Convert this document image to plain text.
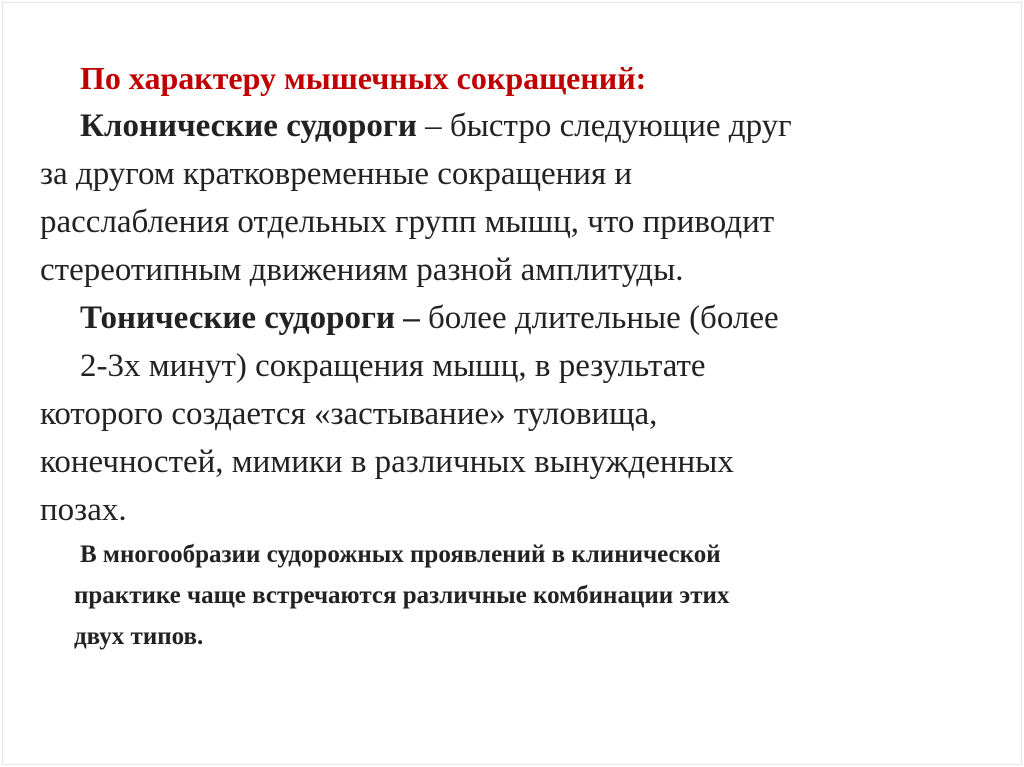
По характеру мышечных сокращений:

Клонические судороги – быстро следующие друг

за другом кратковременные сокращения и

расслабления отдельных групп мышц, что приводит

стереотипным движениям разной амплитуды.

Тонические судороги – более длительные (более

2-3х минут) сокращения мышц, в результате

которого создается «застывание» туловища,

конечностей, мимики в различных вынужденных

позах.

В многообразии судорожных проявлений в клинической
практике чаще встречаются различные комбинации этих
двух типов.
